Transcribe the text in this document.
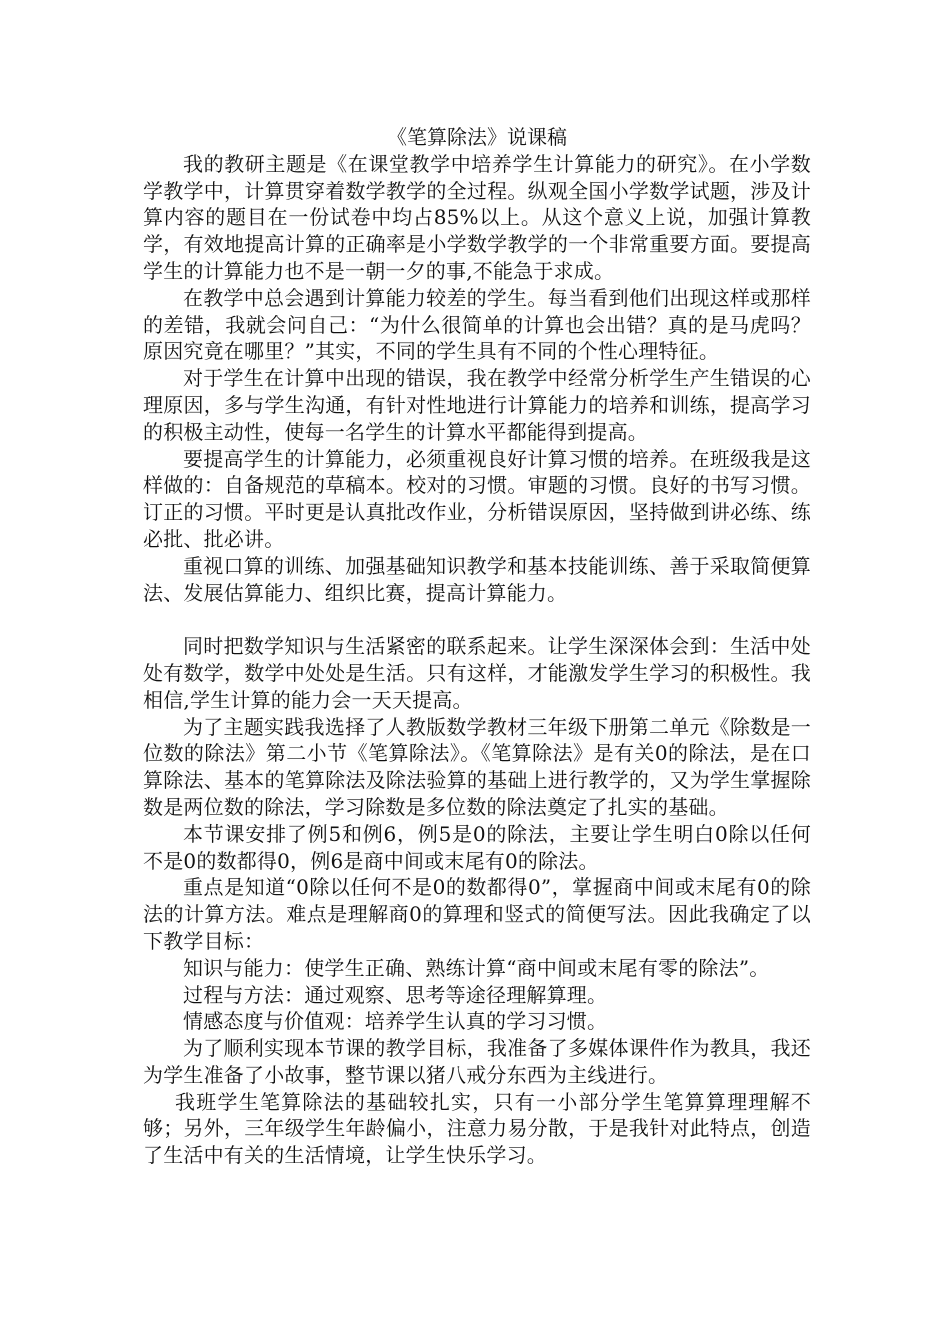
《笔算除法》说课稿

我的教研主题是《在课堂教学中培养学生计算能力的研究》。在小学数学教学中，计算贯穿着数学教学的全过程。纵观全国小学数学试题，涉及计算内容的题目在一份试卷中均占85%以上。从这个意义上说，加强计算教学，有效地提高计算的正确率是小学数学教学的一个非常重要方面。要提高学生的计算能力也不是一朝一夕的事,不能急于求成。

在教学中总会遇到计算能力较差的学生。每当看到他们出现这样或那样的差错，我就会问自己：“为什么很简单的计算也会出错？真的是马虎吗？原因究竟在哪里？”其实，不同的学生具有不同的个性心理特征。

对于学生在计算中出现的错误，我在教学中经常分析学生产生错误的心理原因，多与学生沟通，有针对性地进行计算能力的培养和训练，提高学习的积极主动性，使每一名学生的计算水平都能得到提高。

要提高学生的计算能力，必须重视良好计算习惯的培养。在班级我是这样做的：自备规范的草稿本。校对的习惯。审题的习惯。良好的书写习惯。订正的习惯。平时更是认真批改作业，分析错误原因，坚持做到讲必练、练必批、批必讲。

重视口算的训练、加强基础知识教学和基本技能训练、善于采取简便算法、发展估算能力、组织比赛，提高计算能力。

同时把数学知识与生活紧密的联系起来。让学生深深体会到：生活中处处有数学，数学中处处是生活。只有这样，才能激发学生学习的积极性。我相信,学生计算的能力会一天天提高。

为了主题实践我选择了人教版数学教材三年级下册第二单元《除数是一位数的除法》第二小节《笔算除法》。《笔算除法》是有关0的除法，是在口算除法、基本的笔算除法及除法验算的基础上进行教学的，又为学生掌握除数是两位数的除法，学习除数是多位数的除法奠定了扎实的基础。

本节课安排了例5和例6，例5是0的除法，主要让学生明白0除以任何不是0的数都得0，例6是商中间或末尾有0的除法。

重点是知道“0除以任何不是0的数都得0”，掌握商中间或末尾有0的除法的计算方法。难点是理解商0的算理和竖式的简便写法。因此我确定了以下教学目标：

知识与能力：使学生正确、熟练计算“商中间或末尾有零的除法”。

过程与方法：通过观察、思考等途径理解算理。

情感态度与价值观：培养学生认真的学习习惯。

为了顺利实现本节课的教学目标，我准备了多媒体课件作为教具，我还为学生准备了小故事，整节课以猪八戒分东西为主线进行。

我班学生笔算除法的基础较扎实，只有一小部分学生笔算算理理解不够；另外，三年级学生年龄偏小，注意力易分散，于是我针对此特点，创造了生活中有关的生活情境，让学生快乐学习。
